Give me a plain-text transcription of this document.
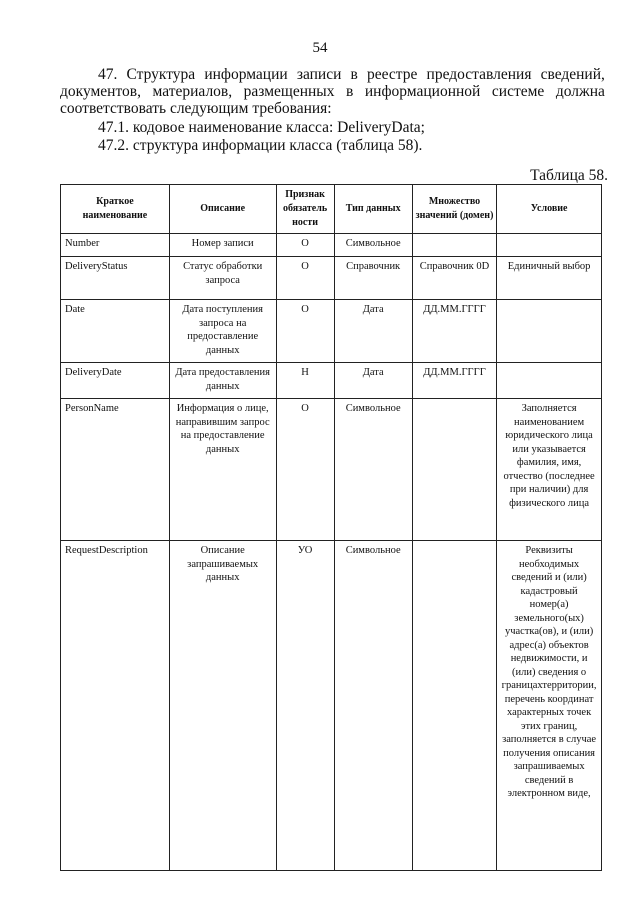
54
47. Структура информации записи в реестре предоставления сведений,
документов, материалов, размещенных в информационной системе должна
соответствовать следующим требования:
47.1. кодовое наименование класса: DeliveryData;
47.2. структура информации класса (таблица 58).
Таблица 58.
Краткое наименование	Описание	Признак обязатель ности	Тип данных	Множество значений (домен)	Условие
Number	Номер записи	О	Символьное		
DeliveryStatus	Статус обработки запроса	О	Справочник	Справочник 0D	Единичный выбор
Date	Дата поступления запроса на предоставление данных	О	Дата	ДД.ММ.ГГГГ	
DeliveryDate	Дата предоставления данных	Н	Дата	ДД.ММ.ГГГГ	
PersonName	Информация о лице, направившим запрос на предоставление данных	О	Символьное		Заполняется наименованием юридического лица или указывается фамилия, имя, отчество (последнее при наличии) для физического лица
RequestDescription	Описание запрашиваемых данных	УО	Символьное		Реквизиты необходимых сведений и (или) кадастровый номер(а) земельного(ых) участка(ов), и (или) адрес(а) объектов недвижимости, и (или) сведения о границахтерритории, перечень координат характерных точек этих границ, заполняется в случае получения описания запрашиваемых сведений в электронном виде,
